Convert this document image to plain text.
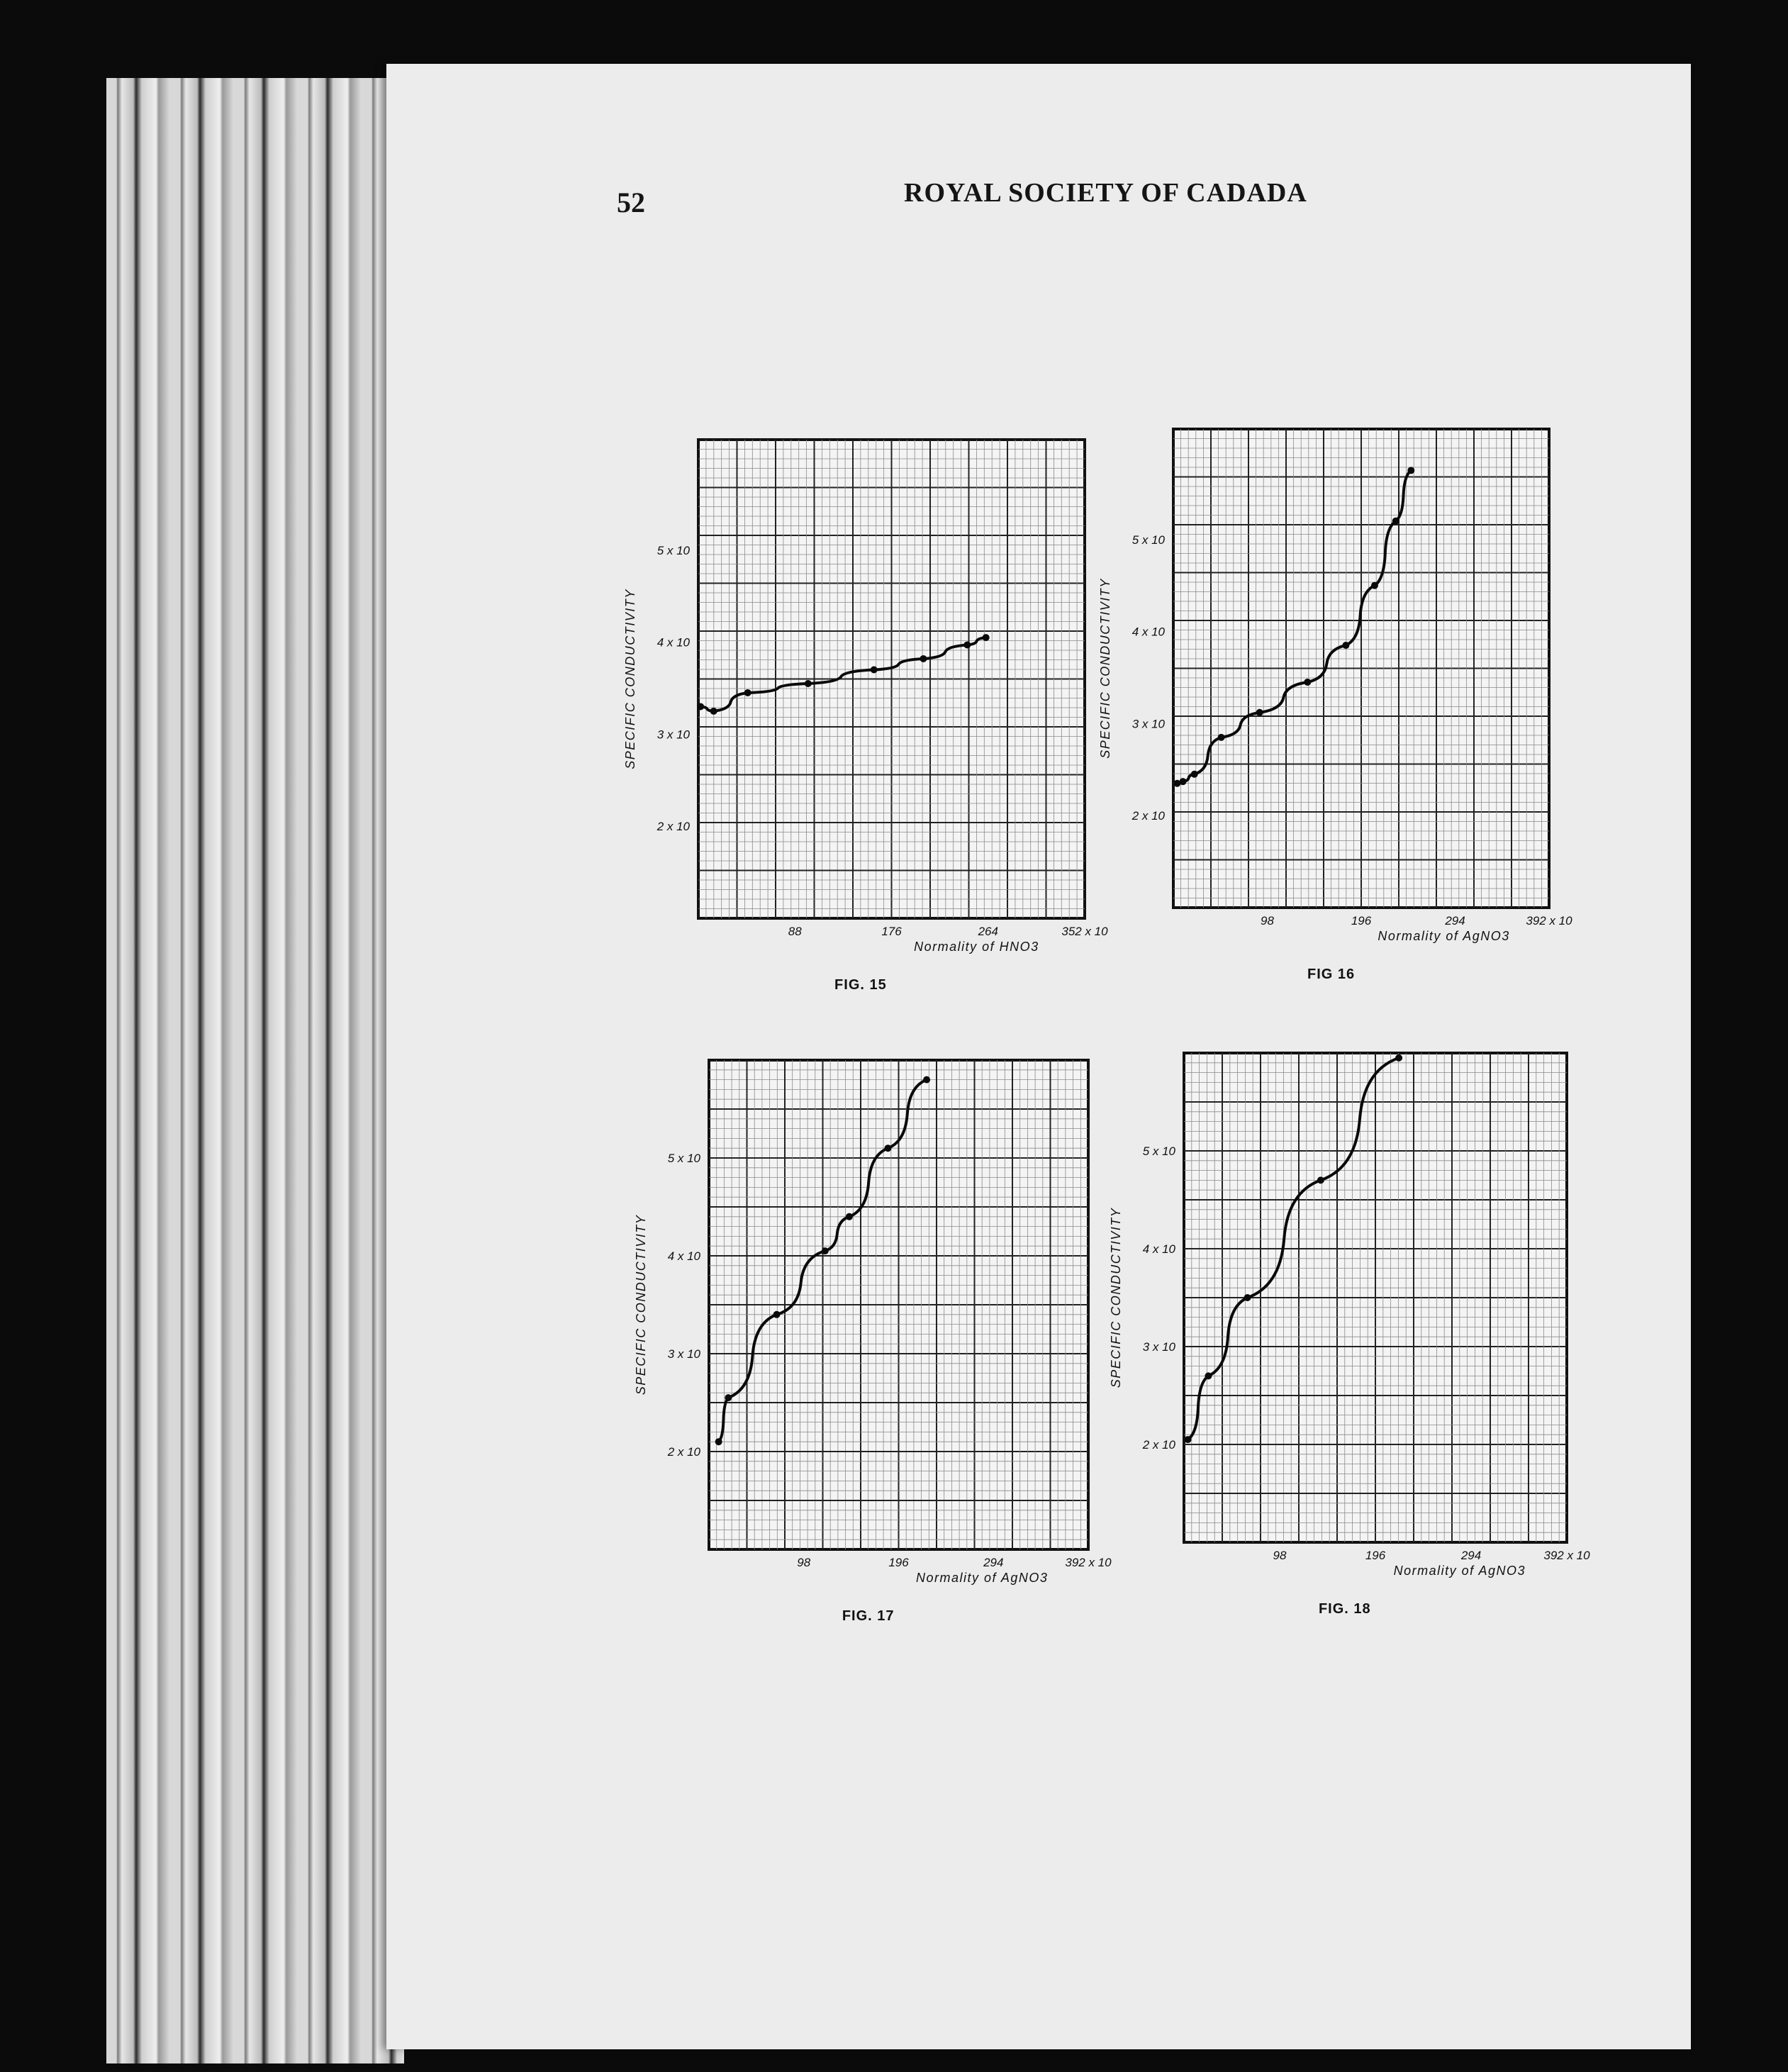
52	ROYAL SOCIETY OF CADADA
2 x 10
3 x 10
4 x 10
5 x 10
88	176	264	352 x 10
Normality of HNO3
SPECIFIC CONDUCTIVITY
FIG. 15
2 x 10
3 x 10
4 x 10
5 x 10
98	196	294	392 x 10
Normality of AgNO3
SPECIFIC CONDUCTIVITY
FIG 16
2 x 10
3 x 10
4 x 10
5 x 10
98	196	294	392 x 10
Normality of AgNO3
SPECIFIC CONDUCTIVITY
FIG. 17
2 x 10
3 x 10
4 x 10
5 x 10
98	196	294	392 x 10
Normality of AgNO3
SPECIFIC CONDUCTIVITY
FIG. 18
